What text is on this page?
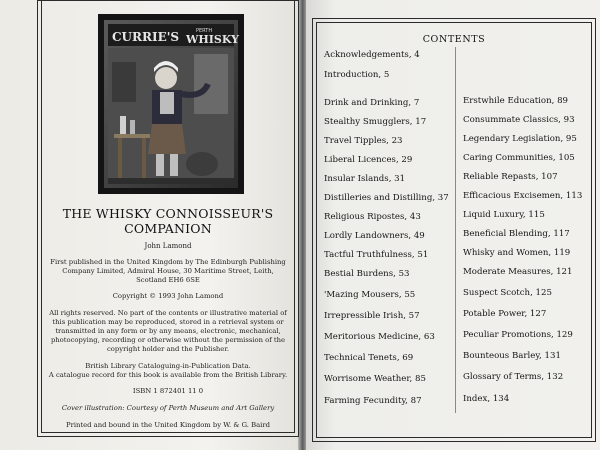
CURRIE'S	PERTH
WHISKY
THE WHISKY CONNOISSEUR'S
COMPANION
John Lamond
First published in the United Kingdom by The Edinburgh Publishing
Company Limited, Admiral House, 30 Maritime Street, Leith,
Scotland EH6 6SE
Copyright © 1993 John Lamond
All rights reserved. No part of the contents or illustrative material of
this publication may be reproduced, stored in a retrieval system or
transmitted in any form or by any means, electronic, mechanical,
photocopying, recording or otherwise without the permission of the
copyright holder and the Publisher.
British Library Cataloguing-in-Publication Data.
A catalogue record for this book is available from the British Library.
ISBN 1 872401 11 0
Cover illustration: Courtesy of Perth Museum and Art Gallery
Printed and bound in the United Kingdom by W. & G. Baird
CONTENTS
Acknowledgements, 4
Introduction, 5
Drink and Drinking, 7
Stealthy Smugglers, 17
Travel Tipples, 23
Liberal Licences, 29
Insular Islands, 31
Distilleries and Distilling, 37
Religious Ripostes, 43
Lordly Landowners, 49
Tactful Truthfulness, 51
Bestial Burdens, 53
'Mazing Mousers, 55
Irrepressible Irish, 57
Meritorious Medicine, 63
Technical Tenets, 69
Worrisome Weather, 85
Farming Fecundity, 87
Erstwhile Education, 89
Consummate Classics, 93
Legendary Legislation, 95
Caring Communities, 105
Reliable Repasts, 107
Efficacious Excisemen, 113
Liquid Luxury, 115
Beneficial Blending, 117
Whisky and Women, 119
Moderate Measures, 121
Suspect Scotch, 125
Potable Power, 127
Peculiar Promotions, 129
Bounteous Barley, 131
Glossary of Terms, 132
Index, 134
